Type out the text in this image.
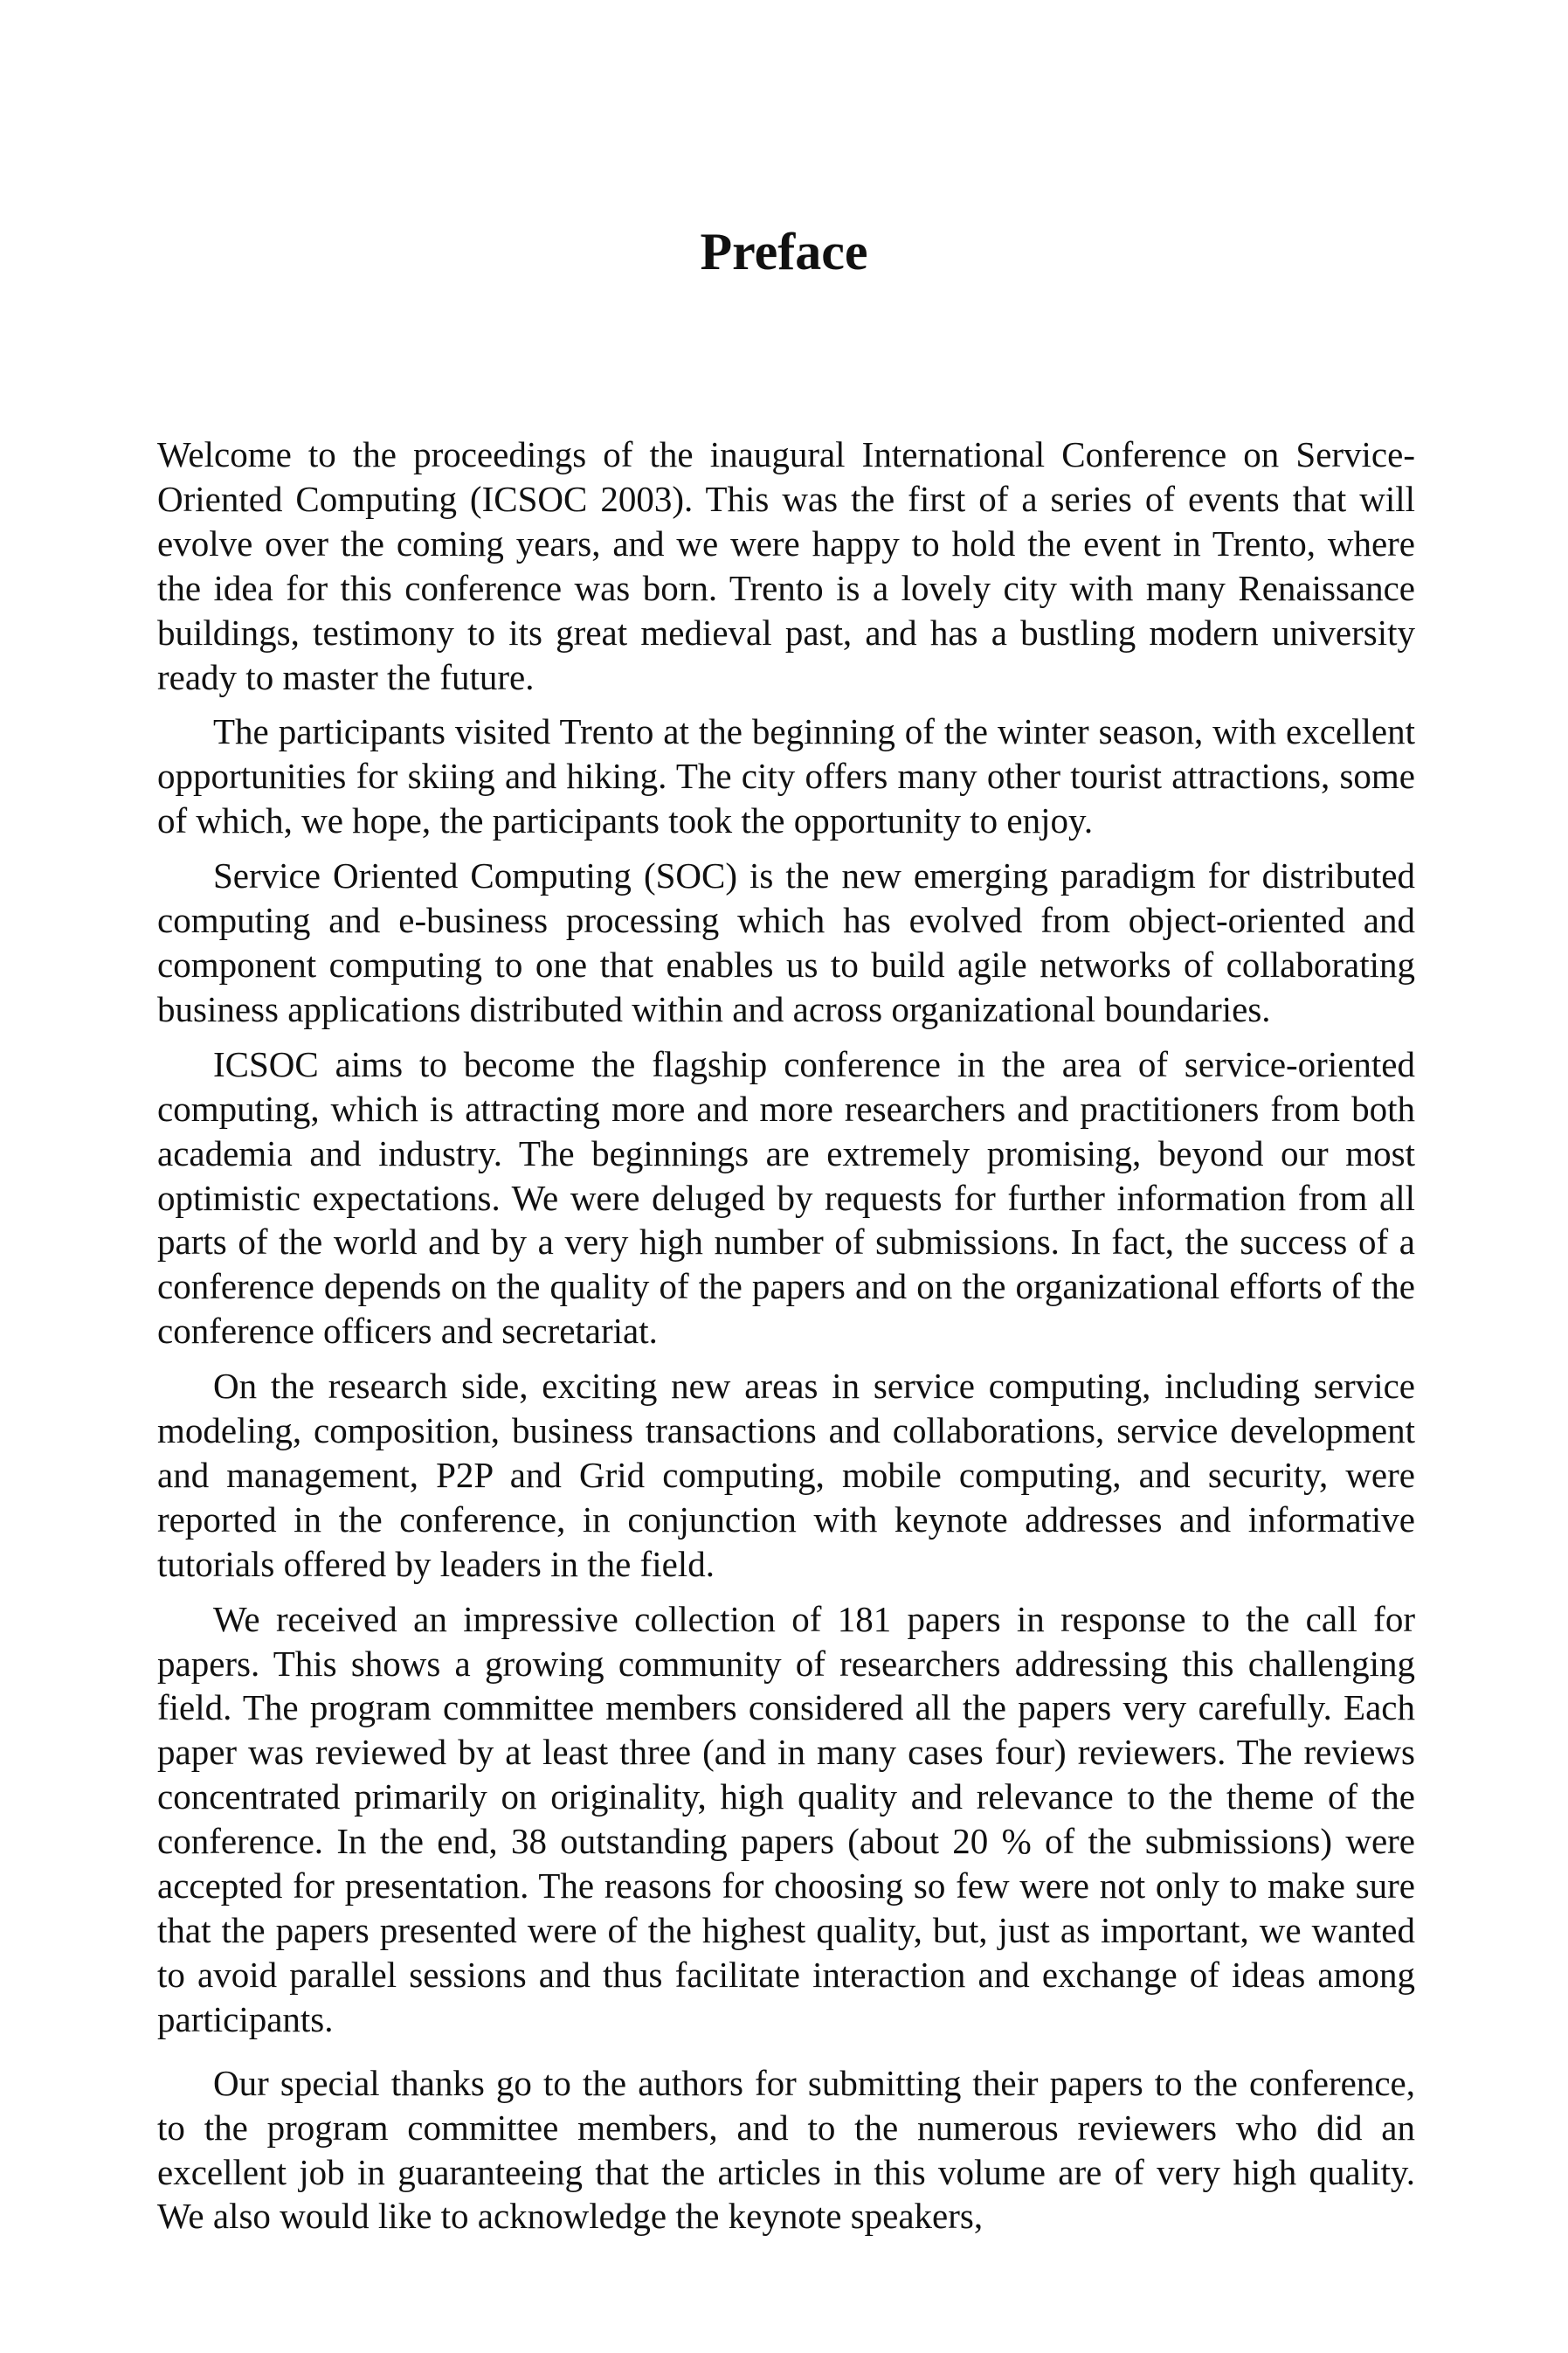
Preface

Welcome to the proceedings of the inaugural International Conference on Service-Oriented Computing (ICSOC 2003). This was the first of a series of events that will evolve over the coming years, and we were happy to hold the event in Trento, where the idea for this conference was born. Trento is a lovely city with many Renaissance buildings, testimony to its great medieval past, and has a bustling modern university ready to master the future.

The participants visited Trento at the beginning of the winter season, with excellent opportunities for skiing and hiking. The city offers many other tourist attractions, some of which, we hope, the participants took the opportunity to enjoy.

Service Oriented Computing (SOC) is the new emerging paradigm for distributed computing and e-business processing which has evolved from object-oriented and component computing to one that enables us to build agile networks of collaborating business applications distributed within and across organizational boundaries.

ICSOC aims to become the flagship conference in the area of service-oriented computing, which is attracting more and more researchers and practitioners from both academia and industry. The beginnings are extremely promising, beyond our most optimistic expectations. We were deluged by requests for further information from all parts of the world and by a very high number of submissions. In fact, the success of a conference depends on the quality of the papers and on the organizational efforts of the conference officers and secretariat.

On the research side, exciting new areas in service computing, including service modeling, composition, business transactions and collaborations, service development and management, P2P and Grid computing, mobile computing, and security, were reported in the conference, in conjunction with keynote addresses and informative tutorials offered by leaders in the field.

We received an impressive collection of 181 papers in response to the call for papers. This shows a growing community of researchers addressing this challenging field. The program committee members considered all the papers very carefully. Each paper was reviewed by at least three (and in many cases four) reviewers. The reviews concentrated primarily on originality, high quality and relevance to the theme of the conference. In the end, 38 outstanding papers (about 20 % of the submissions) were accepted for presentation. The reasons for choosing so few were not only to make sure that the papers presented were of the highest quality, but, just as important, we wanted to avoid parallel sessions and thus facilitate interaction and exchange of ideas among participants.

Our special thanks go to the authors for submitting their papers to the conference, to the program committee members, and to the numerous reviewers who did an excellent job in guaranteeing that the articles in this volume are of very high quality. We also would like to acknowledge the keynote speakers,
